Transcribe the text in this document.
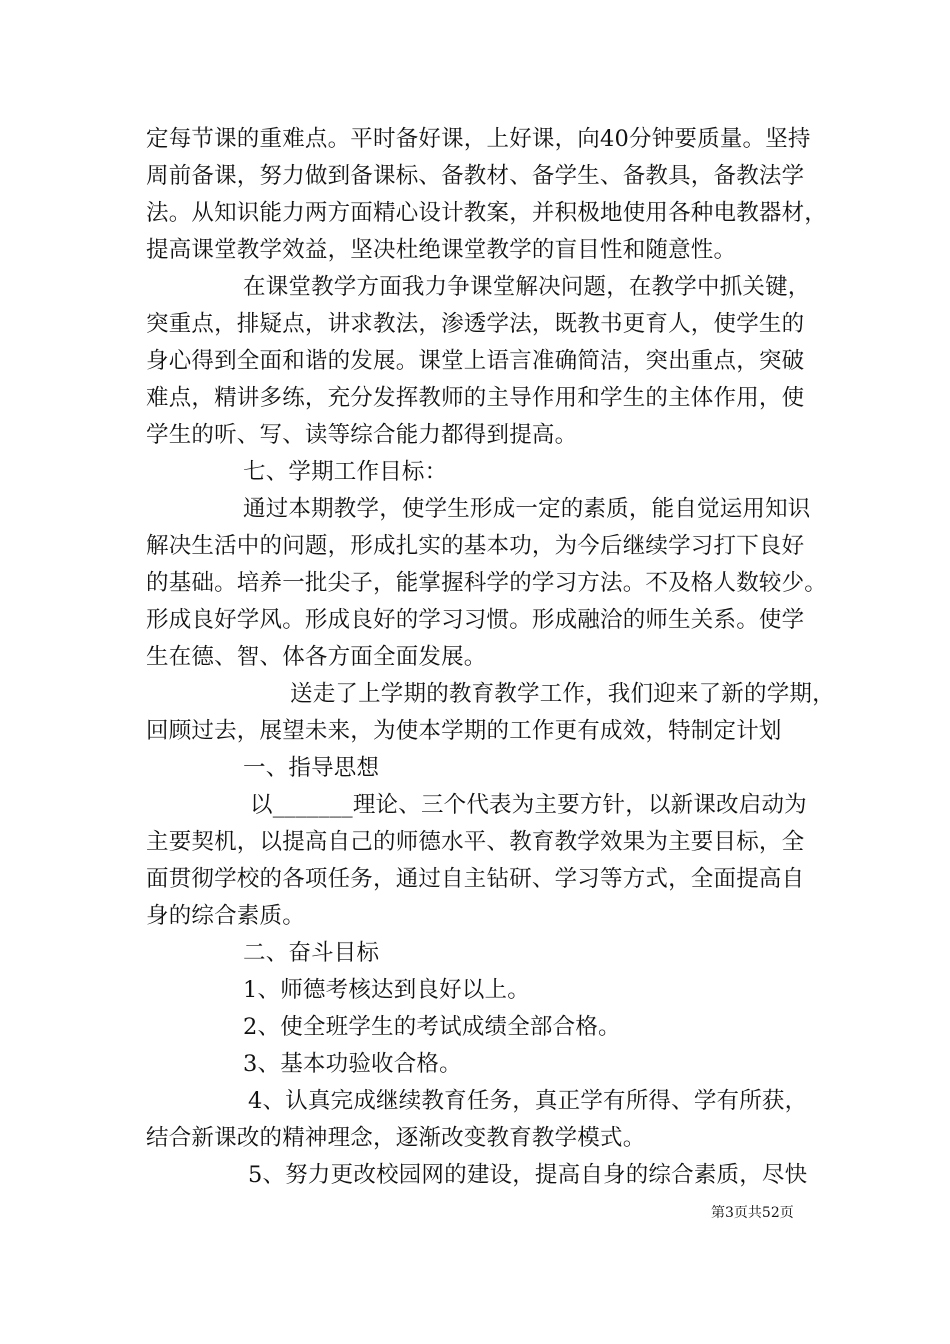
定每节课的重难点。平时备好课，上好课，向40分钟要质量。坚持
周前备课，努力做到备课标、备教材、备学生、备教具，备教法学
法。从知识能力两方面精心设计教案，并积极地使用各种电教器材，
提高课堂教学效益，坚决杜绝课堂教学的盲目性和随意性。
在课堂教学方面我力争课堂解决问题，在教学中抓关键，
突重点，排疑点，讲求教法，渗透学法，既教书更育人，使学生的
身心得到全面和谐的发展。课堂上语言准确简洁，突出重点，突破
难点，精讲多练，充分发挥教师的主导作用和学生的主体作用，使
学生的听、写、读等综合能力都得到提高。
七、学期工作目标：
通过本期教学，使学生形成一定的素质，能自觉运用知识
解决生活中的问题，形成扎实的基本功，为今后继续学习打下良好
的基础。培养一批尖子，能掌握科学的学习方法。不及格人数较少。
形成良好学风。形成良好的学习习惯。形成融洽的师生关系。使学
生在德、智、体各方面全面发展。
送走了上学期的教育教学工作，我们迎来了新的学期，
回顾过去，展望未来，为使本学期的工作更有成效，特制定计划
一、指导思想
以_______理论、三个代表为主要方针，以新课改启动为
主要契机，以提高自己的师德水平、教育教学效果为主要目标，全
面贯彻学校的各项任务，通过自主钻研、学习等方式，全面提高自
身的综合素质。
二、奋斗目标
1、师德考核达到良好以上。
2、使全班学生的考试成绩全部合格。
3、基本功验收合格。
4、认真完成继续教育任务，真正学有所得、学有所获，
结合新课改的精神理念，逐渐改变教育教学模式。
5、努力更改校园网的建设，提高自身的综合素质，尽快
第3页共52页
